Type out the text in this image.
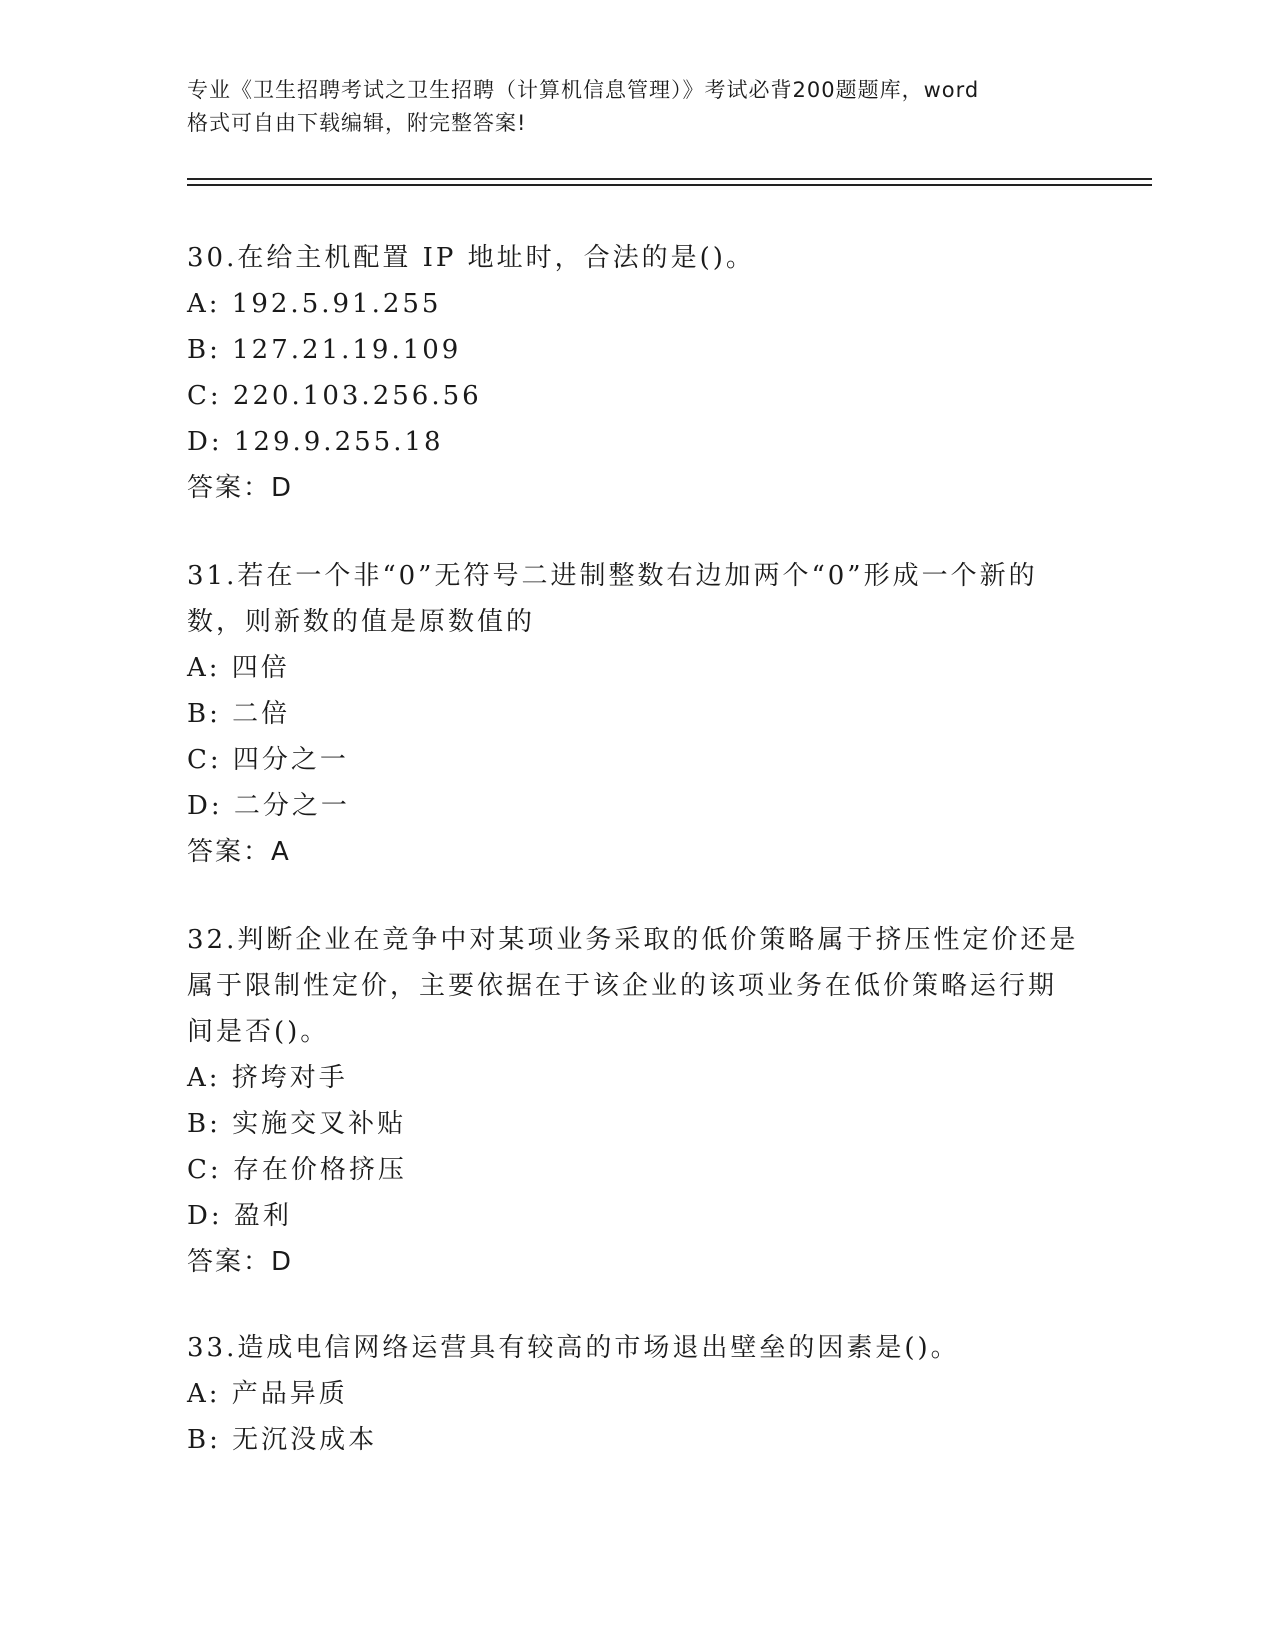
专业《卫生招聘考试之卫生招聘（计算机信息管理）》考试必背200题题库，word
格式可自由下载编辑，附完整答案!
30.在给主机配置 IP 地址时，合法的是()。
A: 192.5.91.255
B: 127.21.19.109
C: 220.103.256.56
D: 129.9.255.18
答案：D
31.若在一个非“0”无符号二进制整数右边加两个“0”形成一个新的
数，则新数的值是原数值的
A: 四倍
B: 二倍
C: 四分之一
D: 二分之一
答案：A
32.判断企业在竞争中对某项业务采取的低价策略属于挤压性定价还是
属于限制性定价，主要依据在于该企业的该项业务在低价策略运行期
间是否()。
A: 挤垮对手
B: 实施交叉补贴
C: 存在价格挤压
D: 盈利
答案：D
33.造成电信网络运营具有较高的市场退出壁垒的因素是()。
A: 产品异质
B: 无沉没成本
